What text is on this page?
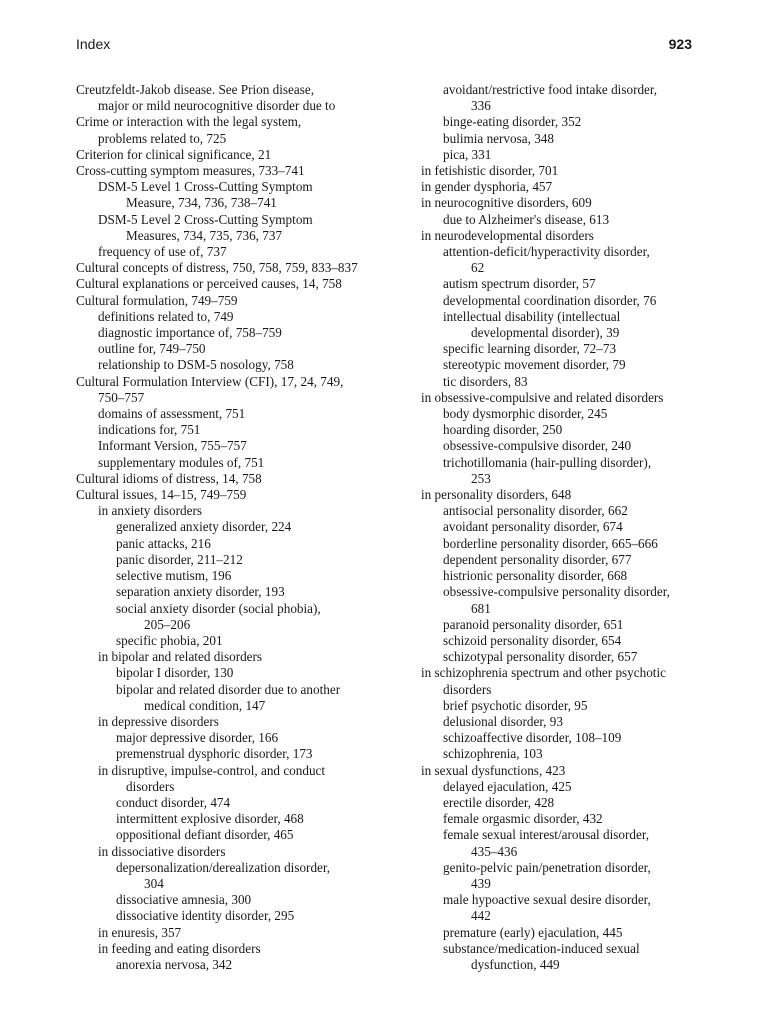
Index	923
Creutzfeldt-Jakob disease. See Prion disease,
major or mild neurocognitive disorder due to
Crime or interaction with the legal system,
problems related to, 725
Criterion for clinical significance, 21
Cross-cutting symptom measures, 733–741
DSM-5 Level 1 Cross-Cutting Symptom
Measure, 734, 736, 738–741
DSM-5 Level 2 Cross-Cutting Symptom
Measures, 734, 735, 736, 737
frequency of use of, 737
Cultural concepts of distress, 750, 758, 759, 833–837
Cultural explanations or perceived causes, 14, 758
Cultural formulation, 749–759
definitions related to, 749
diagnostic importance of, 758–759
outline for, 749–750
relationship to DSM-5 nosology, 758
Cultural Formulation Interview (CFI), 17, 24, 749,
750–757
domains of assessment, 751
indications for, 751
Informant Version, 755–757
supplementary modules of, 751
Cultural idioms of distress, 14, 758
Cultural issues, 14–15, 749–759
in anxiety disorders
generalized anxiety disorder, 224
panic attacks, 216
panic disorder, 211–212
selective mutism, 196
separation anxiety disorder, 193
social anxiety disorder (social phobia),
205–206
specific phobia, 201
in bipolar and related disorders
bipolar I disorder, 130
bipolar and related disorder due to another
medical condition, 147
in depressive disorders
major depressive disorder, 166
premenstrual dysphoric disorder, 173
in disruptive, impulse-control, and conduct
disorders
conduct disorder, 474
intermittent explosive disorder, 468
oppositional defiant disorder, 465
in dissociative disorders
depersonalization/derealization disorder,
304
dissociative amnesia, 300
dissociative identity disorder, 295
in enuresis, 357
in feeding and eating disorders
anorexia nervosa, 342
avoidant/restrictive food intake disorder,
336
binge-eating disorder, 352
bulimia nervosa, 348
pica, 331
in fetishistic disorder, 701
in gender dysphoria, 457
in neurocognitive disorders, 609
due to Alzheimer's disease, 613
in neurodevelopmental disorders
attention-deficit/hyperactivity disorder,
62
autism spectrum disorder, 57
developmental coordination disorder, 76
intellectual disability (intellectual
developmental disorder), 39
specific learning disorder, 72–73
stereotypic movement disorder, 79
tic disorders, 83
in obsessive-compulsive and related disorders
body dysmorphic disorder, 245
hoarding disorder, 250
obsessive-compulsive disorder, 240
trichotillomania (hair-pulling disorder),
253
in personality disorders, 648
antisocial personality disorder, 662
avoidant personality disorder, 674
borderline personality disorder, 665–666
dependent personality disorder, 677
histrionic personality disorder, 668
obsessive-compulsive personality disorder,
681
paranoid personality disorder, 651
schizoid personality disorder, 654
schizotypal personality disorder, 657
in schizophrenia spectrum and other psychotic
disorders
brief psychotic disorder, 95
delusional disorder, 93
schizoaffective disorder, 108–109
schizophrenia, 103
in sexual dysfunctions, 423
delayed ejaculation, 425
erectile disorder, 428
female orgasmic disorder, 432
female sexual interest/arousal disorder,
435–436
genito-pelvic pain/penetration disorder,
439
male hypoactive sexual desire disorder,
442
premature (early) ejaculation, 445
substance/medication-induced sexual
dysfunction, 449
